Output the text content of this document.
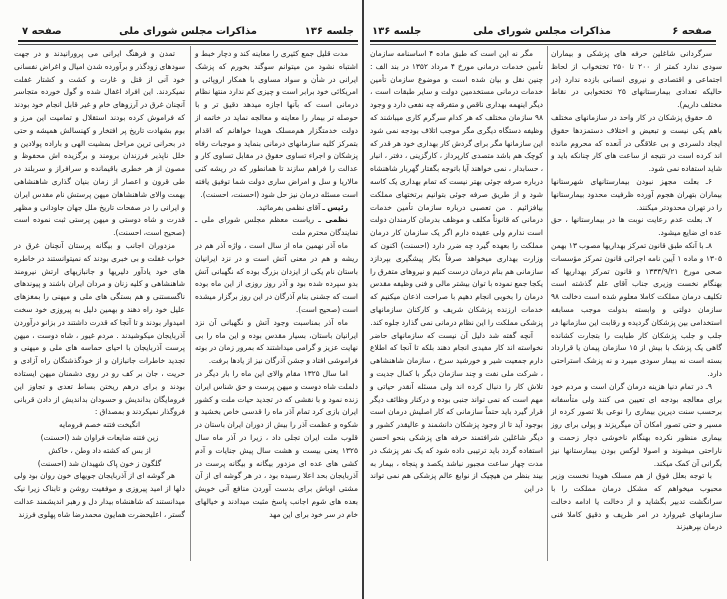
جلسه ۱۳۶
مذاکرات مجلس شورای ملی
صفحه ۷

مدت قلیل جمع کثیری را معاینه کند و دچار خبط و اشتباه نشود من میتوانم سوگند بخورم که پزشک ایرانی در شأن و سواد مساوی با همکار اروپائی و امریکائی خود برابر است و چیزی کم ندارد منتها نظام درمانی است که بآنها اجازه میدهد دقیق تر و با حوصله تر بیمار را معاینه و معالجه نماید در خاتمه از دولت خدمتگزار هم‌مسلک هویدا خواهانم که اقدام بتمرکز کلیه سازمانهای درمانی بنماید و موجبات رفاه پزشکان و اجراء تساوی حقوق در مقابل تساوی کار و عدالت را فراهم سازند تا همانطور که در ریشه کنی مالاریا و سل و امراض ساری دولت شما توفیق یافته است مسئله درمان نیز حل شود (احسنت، احسنت).

رئیس ـ آقای نظمی بفرمائید.

نظمی ـ ریاست معظم مجلس شورای ملی ـ نمایندگان محترم ملت

ماه آذر نهمین ماه از سال است ، واژه آذر هم در ریشه و هم در معنی آتش است و در نزد ایرانیان باستان نام یکی از ایزدان بزرگ بوده که نگهبانی آتش بدو سپرده شده بود و آذر روز روزی از این ماه بوده است که جشنی بنام آذرگان در این روز برگزار میشده است (صحیح است).

ماه آذر بمناسبت وجود آتش و نگهبانی آن نزد ایرانیان باستان، بسیار مقدس بوده و این ماه را بی نهایت عزیز و گرامی میداشتند که بمرور زمان در بوته فراموشی افتاد و جشن آذرگان نیز از یادها برفت.

اما سال ۱۳۲۵ مقام والای این ماه را بار دیگر در دلملت شاه دوست و میهن پرست و حق شناس ایران زنده نمود و با نقشی که در تجدید حیات ملت و کشور ایران بازی کرد تمام آذر ماه را قدسی خاص بخشید و شکوه و عظمت آذر را بیش از دوران ایران باستان در قلوب ملت ایران تجلی داد ، زیرا در آذر ماه سال ۱۳۲۵ یعنی بیست و هشت سال پیش جنایات و آدم کشی های عده ای مزدور بیگانه و بیگانه پرست در آذربایجان بحد اعلا رسیده بود ، در هر گوشه ای از آن مشتی اوباش برای بدست آوردن منافع آنی خویش بعده های شوم اجانب پاسخ مثبت میدادند و خیالهای خام در سر خود برای این مهد

تمدن و فرهنگ ایرانی می پرورانیدند و در جهت سودهای زودگذر و برآورده شدن امیال و اغراض نفسانی خود آنی از قتل و غارت و کشت و کشتار غفلت نمیکردند. این افراد اغفال شده و گول خورده متجاسر آنچنان غرق در آرزوهای خام و غیر قابل انجام خود بودند که فراموش کرده بودند استقلال و تمامیت این مرز و بوم بشهادت تاریخ پر افتخار و کهنسالش همیشه و حتی در بحرانی ترین مراحل بمشیت الهی و باراده پولادین و خلل ناپذیر فرزندان برومند و برگزیده اش محفوظ و مصون از هر خطری باقیمانده و سرافراز و سربلند در طی قرون و اعصار از زمان بنیان گذاری شاهنشاهی بهمت والای شاهنشاهان میهن پرستش نام مقدس ایران و ایرانی را در صفحات تاریخ ملل جهان جاودانی و مظهر قدرت و شاه دوستی و میهن پرستی ثبت نموده است (صحیح است، احسنت).

مزدوران اجانب و بیگانه پرستان آنچنان غرق در خواب غفلت و بی خبری بودند که نمیتوانستند در خاطره های خود یادآور دلیریها و جانبازیهای ارتش نیرومند شاهنشاهی و کلیه زنان و مردان ایران باشند و پیوندهای ناگسستنی و هم بستگی های ملی و میهنی را بمغزهای علیل خود راه دهند و بهمین دلیل به پیروزی خود سخت امیدوار بودند و تا آنجا که قدرت داشتند در بزانو درآوردن آذربایجان میکوشیدند . مردم غیور ، شاه دوست ، میهن پرست آذربایجان با احیای حماسه های ملی و میهنی و تجدید خاطرات جانبازان و از خودگذشتگان راه آزادی و حریت ، جان بر کف رو در روی دشمنان میهن ایستاده بودند و برای درهم ریختن بساط تعدی و تجاوز این فرومایگان بداندیش و حسودان بداندیش از دادن قربانی فروگذار نمیکردند و بمصداق :

انگیخت فتنه خصم فرومایه

زین فتنه ضایعات فراوان شد (احسنت)

از بس که کشته داد وطن ، خاکش

گلگون ز خون پاک شهیدان شد (احسنت)

هر گوشه ای از آذربایجان جویهای خون روان بود ولی دلها از امید پیروزی و موفقیت روشن و تابناک زیرا نیک میدانستند که شاهنشاه بیدار دل و رهبر اندیشمند عدالت گستر ، اعلیحضرت همایون محمدرضا شاه پهلوی فرزند

صفحه ۶
مذاکرات مجلس شورای ملی
جلسه ۱۳۶

سرگردانی شاغلین حرفه های پزشکی و بیماران سودی ندارد کمتر از ۲۰۰ تا ۲۵۰ تختخواب از لحاظ اجتماعی و اقتصادی و نیروی انسانی بازده ندارد (در حالیکه تعدادی بیمارستانهای ۲۵ تختخوابی در نقاط مختلف داریم).

۵ـ حقوق پزشکان در کار واحد در سازمانهای مختلف باهم یکی نیست و تبعیض و اختلاف دستمزدها حقوق ایجاد دلسردی و بی علاقگی در آنعده که محروم مانده اند کرده است در نتیجه از ساعت های کار چنانکه باید و شاید استفاده نمی شود.

۶ـ بعلت مجهز نبودن بیمارستانهای شهرستانها بیماران بتهران هجوم آورده ظرفیت محدود بیمارستانها را در تهران محدودتر میکنند.

۷ـ بعلت عدم رعایت نوبت ها در بیمارستانها ، حق عده ای ضایع میشود.

۸ـ با آنکه طبق قانون تمرکز بهداریها مصوب ۱۳ بهمن ۱۳۰۵ و ماده ۱ آیین نامه اجرائی قانون تمرکز مؤسسات صحی مورخ ۱۳۳۳/۹/۲۱ و قانون تمرکز بهداریها که بهنگام نخست وزیری جناب آقای علم گذشته است تکلیف درمان مملکت کاملا معلوم شده است دخالت ۹۸ سازمان دولتی و وابسته بدولت موجب مسابقه استخدامی بین پزشکان گردیده و رقابت این سازمانها در جلب و جلب پزشکان کار طبابت را بتجارت کشانده گاهی یک پزشک با بیش از ۱۵ سازمان پیمان یا قرارداد بسته است نه بیمار سودی میبرد و نه پزشک استراحتی دارد.

۹ـ در تمام دنیا هزینه درمان گران است و مردم خود برای معالجه بودجه ای تعیین می کنند ولی متأسفانه برحسب سنت دیرین بیماری را نوعی بلا تصور کرده از مسیر و حتی تصور امکان آن میگریزند و پولی برای روز بیماری منظور نکرده بهنگام ناخوشی دچار زحمت و ناراحتی میشوند و اصولا لوکس بودن بیمارستانها نیز بگرانی آن کمک میکند.

با توجه بعلل فوق از هم مسلک هویدا نخست وزیر محبوب میخواهم که مشکل درمان مملکت را با سرانگشت تدبیر بگشاید و از دخالت یا ادامه دخالت سازمانهای غیروارد در امر ظریف و دقیق کاملا فنی درمان بپرهیزند

مگر نه این است که طبق ماده ۴ اساسنامه سازمان تأمین خدمات درمانی مورخ ۴ مرداد ۱۳۵۲ در بند الف : چنین نقل و بیان شده است و موضوع سازمان تأمین خدمات درمانی مستخدمین دولت و سایر طبقات است ، دیگر اینهمه بهداری ناقص و متفرقه چه نفعی دارد و وجود ۹۸ سازمان مختلف که هر کدام سرگرم کاری میباشند که وظیفه دستگاه دیگری مگر موجب اتلاف بودجه نمی شود این سازمانها مگر برای گردش کار بهداری خود هر قدر که کوچک هم باشد متصدی کارپرداز ، کارگزینی ، دفتر ، انبار ، حسابدار ، نمی خواهند آیا باتوجه بگفتار گهربار شاهنشاه درباره صرفه جوئی بهتر نیست که تمام بهداری یک کاسه شود و از طریق صرفه جوئی بتوانیم برتختهای مملکت بیافزائیم . من تعصبی درباره سازمان تأمین خدمات درمانی که قانوناً مکلف و موظف بدرمان کارمندان دولت است ندارم ولی عقیده دارم اگر یک سازمان کار درمان مملکت را بعهده گیرد چه ضرر دارد (احسنت) اکنون که وزارت بهداری میخواهد صرفاً بکار پیشگیری بپردازد سازمانی هم بنام درمان درست کنیم و نیروهای متفرق را یکجا جمع نموده با توان بیشتر مالی و فنی وظیفه مقدس درمان را بخوبی انجام دهیم با صراحت اذعان میکنیم که خدمات ارزنده پزشکان شریف و کارکنان سازمانهای پزشکی مملکت را این نظام درمانی نمی گذارد جلوه کند.

آنچه گفته شد دلیل آن نیست که سازمانهای حاضر نخواسته اند کار مفیدی انجام دهند بلکه تا آنجا که اطلاع دارم جمعیت شیر و خورشید سرخ ، سازمان شاهنشاهی ، شرکت ملی نفت و چند سازمان دیگر با کمال جدیت و تلاش کار را دنبال کرده اند ولی مسئله آنقدر حیاتی و مهم است که نمی تواند جنبی بوده و درکنار وظائف دیگر قرار گیرد باید حتماً سازمانی که کار اصلیش درمان است بوجود آید تا از وجود پزشکان دانشمند و عالیقدر کشور و دیگر شاغلین شرافتمند حرفه های پزشکی بنحو احسن استفاده گردد باید ترتیبی داده شود که یک نفر پزشک در مدت چهار ساعت مجبور نباشد یکصد و پنجاه ، بیمار به بیند بنظر من هیچیک از نوابغ عالم پزشکی هم نمی تواند در این
